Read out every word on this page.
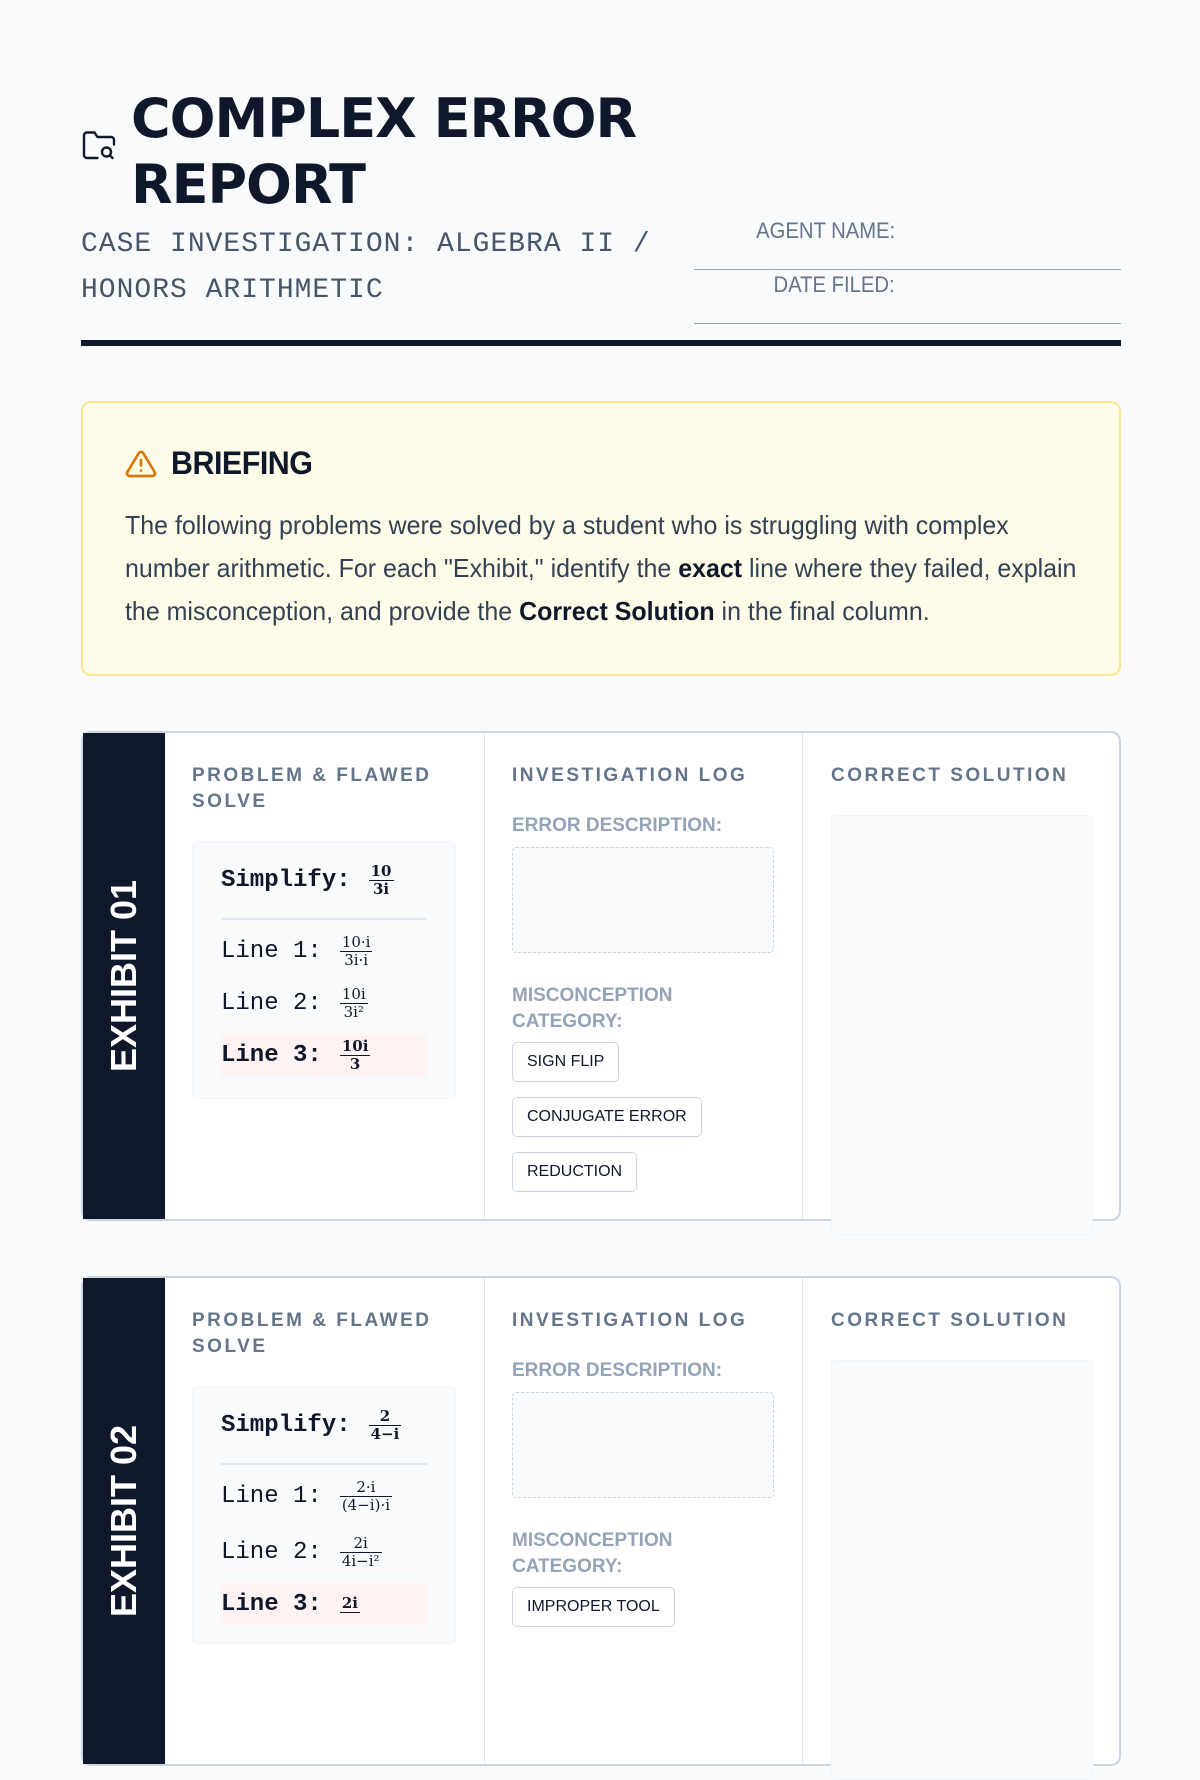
COMPLEX ERROR REPORT
CASE INVESTIGATION: ALGEBRA II / HONORS ARITHMETIC
AGENT NAME:
DATE FILED:
BRIEFING

The following problems were solved by a student who is struggling with complex number arithmetic. For each "Exhibit," identify the exact line where they failed, explain the misconception, and provide the Correct Solution in the final column.

EXHIBIT 01
PROBLEM & FLAWED SOLVE
Simplify: $\frac{10}{3i}$
Line 1: $\frac{10\cdot i}{3i\cdot i}$
Line 2: $\frac{10i}{\text{3i²}}$
Line 3: $\frac{10i}{3}$
INVESTIGATION LOG
ERROR DESCRIPTION:
MISCONCEPTION CATEGORY:
SIGN FLIP
CONJUGATE ERROR
REDUCTION
CORRECT SOLUTION
EXHIBIT 02
PROBLEM & FLAWED SOLVE
Simplify: $\frac{2}{4-i}$
Line 1: $\frac{2\cdot i}{(4-i)\cdot i}$
Line 2: $\frac{2i}{\text{4i−i²}}$
Line 3: 2i
INVESTIGATION LOG
ERROR DESCRIPTION:
MISCONCEPTION CATEGORY:
IMPROPER TOOL
CORRECT SOLUTION
